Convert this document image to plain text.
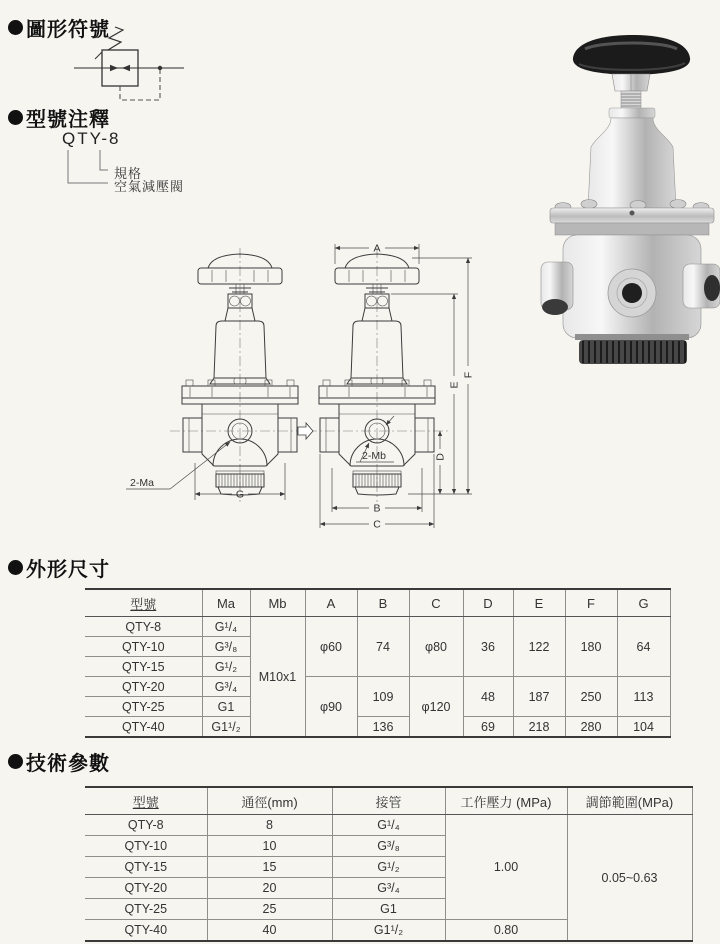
圖形符號
型號注釋
外形尺寸
技術參數
QTY-8
規格
空氣減壓閥
G
2-Ma
A
F
E
D
B
C
2-Mb
型號	Ma	Mb	A	B	C	D	E	F	G
QTY-8	G¹/₄	M10x1	φ60	74	φ80	36	122	180	64
QTY-10	G³/₈								
QTY-15	G¹/₂								
QTY-20	G³/₄		φ90	109	φ120	48	187	250	113
QTY-25	G1								
QTY-40	G1¹/₂			136		69	218	280	104
型號	通徑(mm)	接管	工作壓力 (MPa)	調節範圍(MPa)
QTY-8	8	G¹/₄	1.00	0.05~0.63
QTY-10	10	G³/₈		
QTY-15	15	G¹/₂		
QTY-20	20	G³/₄		
QTY-25	25	G1		
QTY-40	40	G1¹/₂	0.80	
